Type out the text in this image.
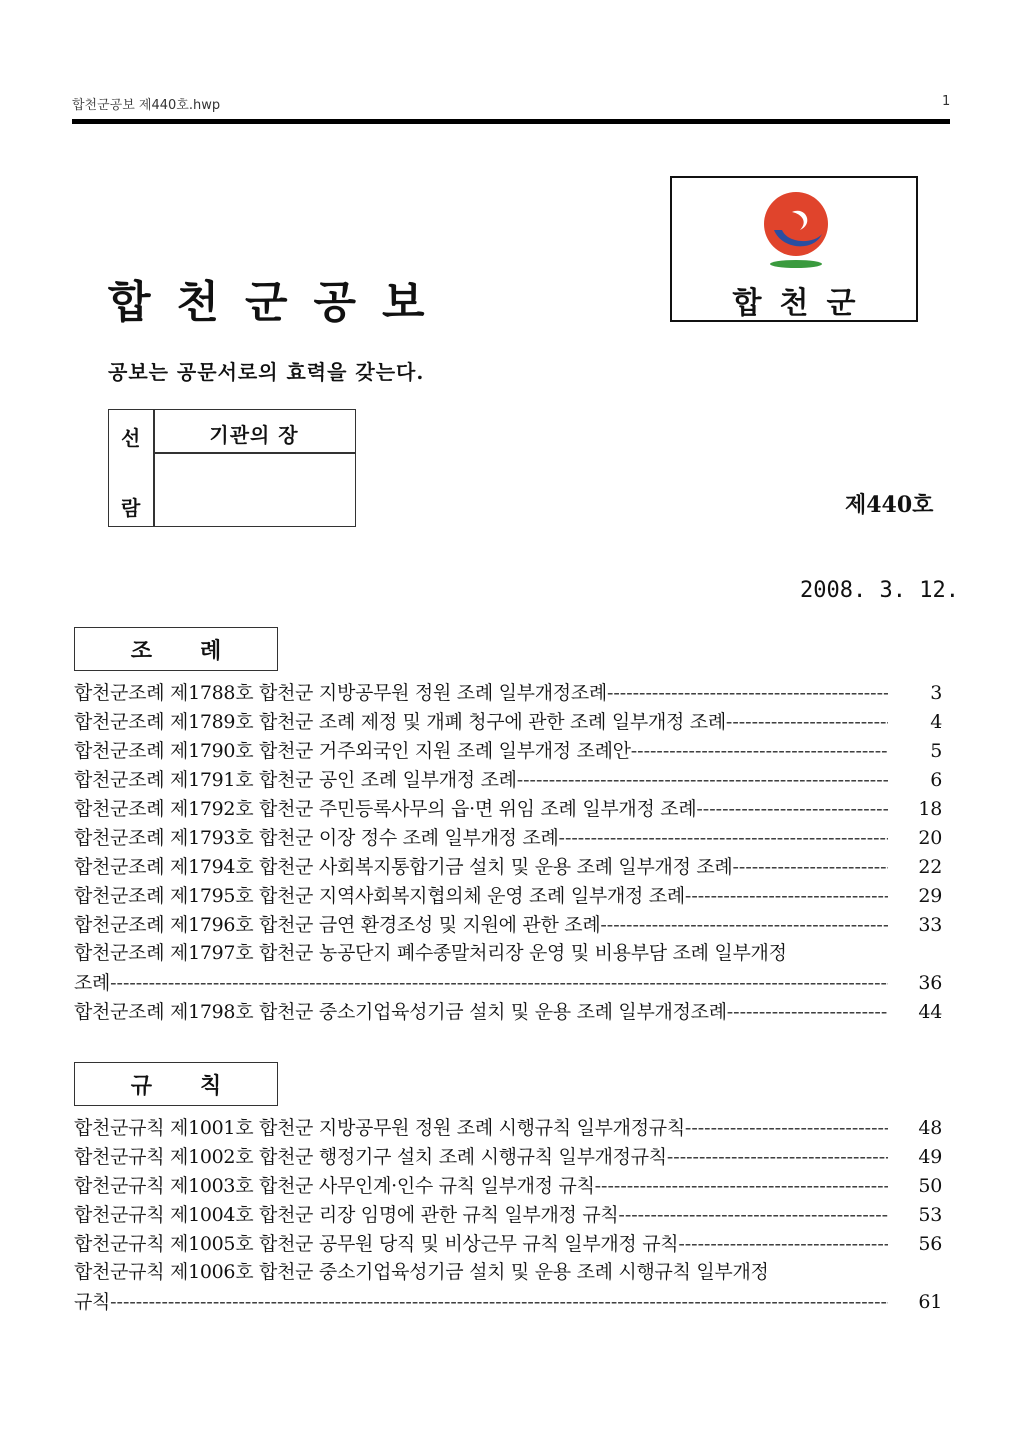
합천군공보 제440호.hwp	1
합천군공보	합천군
공보는 공문서로의 효력을 갖는다.
선
람
기관의 장
제440호
2008. 3. 12.
조례
합천군조례 제1788호 합천군 지방공무원 정원 조례 일부개정조례 -----	3
합천군조례 제1789호 합천군 조례 제정 및 개폐 청구에 관한 조례 일부개정 조례 -----	4
합천군조례 제1790호 합천군 거주외국인 지원 조례 일부개정 조례안 -----	5
합천군조례 제1791호 합천군 공인 조례 일부개정 조례 -----	6
합천군조례 제1792호 합천군 주민등록사무의 읍·면 위임 조례 일부개정 조례 -----	18
합천군조례 제1793호 합천군 이장 정수 조례 일부개정 조례 -----	20
합천군조례 제1794호 합천군 사회복지통합기금 설치 및 운용 조례 일부개정 조례 -----	22
합천군조례 제1795호 합천군 지역사회복지협의체 운영 조례 일부개정 조례 -----	29
합천군조례 제1796호 합천군 금연 환경조성 및 지원에 관한 조례 -----	33
합천군조례 제1797호 합천군 농공단지 폐수종말처리장 운영 및 비용부담 조례 일부개정
조례 -----	36
합천군조례 제1798호 합천군 중소기업육성기금 설치 및 운용 조례 일부개정조례 -----	44
규칙
합천군규칙 제1001호 합천군 지방공무원 정원 조례 시행규칙 일부개정규칙 -----	48
합천군규칙 제1002호 합천군 행정기구 설치 조례 시행규칙 일부개정규칙 -----	49
합천군규칙 제1003호 합천군 사무인계·인수 규칙 일부개정 규칙 -----	50
합천군규칙 제1004호 합천군 리장 임명에 관한 규칙 일부개정 규칙 -----	53
합천군규칙 제1005호 합천군 공무원 당직 및 비상근무 규칙 일부개정 규칙 -----	56
합천군규칙 제1006호 합천군 중소기업육성기금 설치 및 운용 조례 시행규칙 일부개정
규칙 -----	61
